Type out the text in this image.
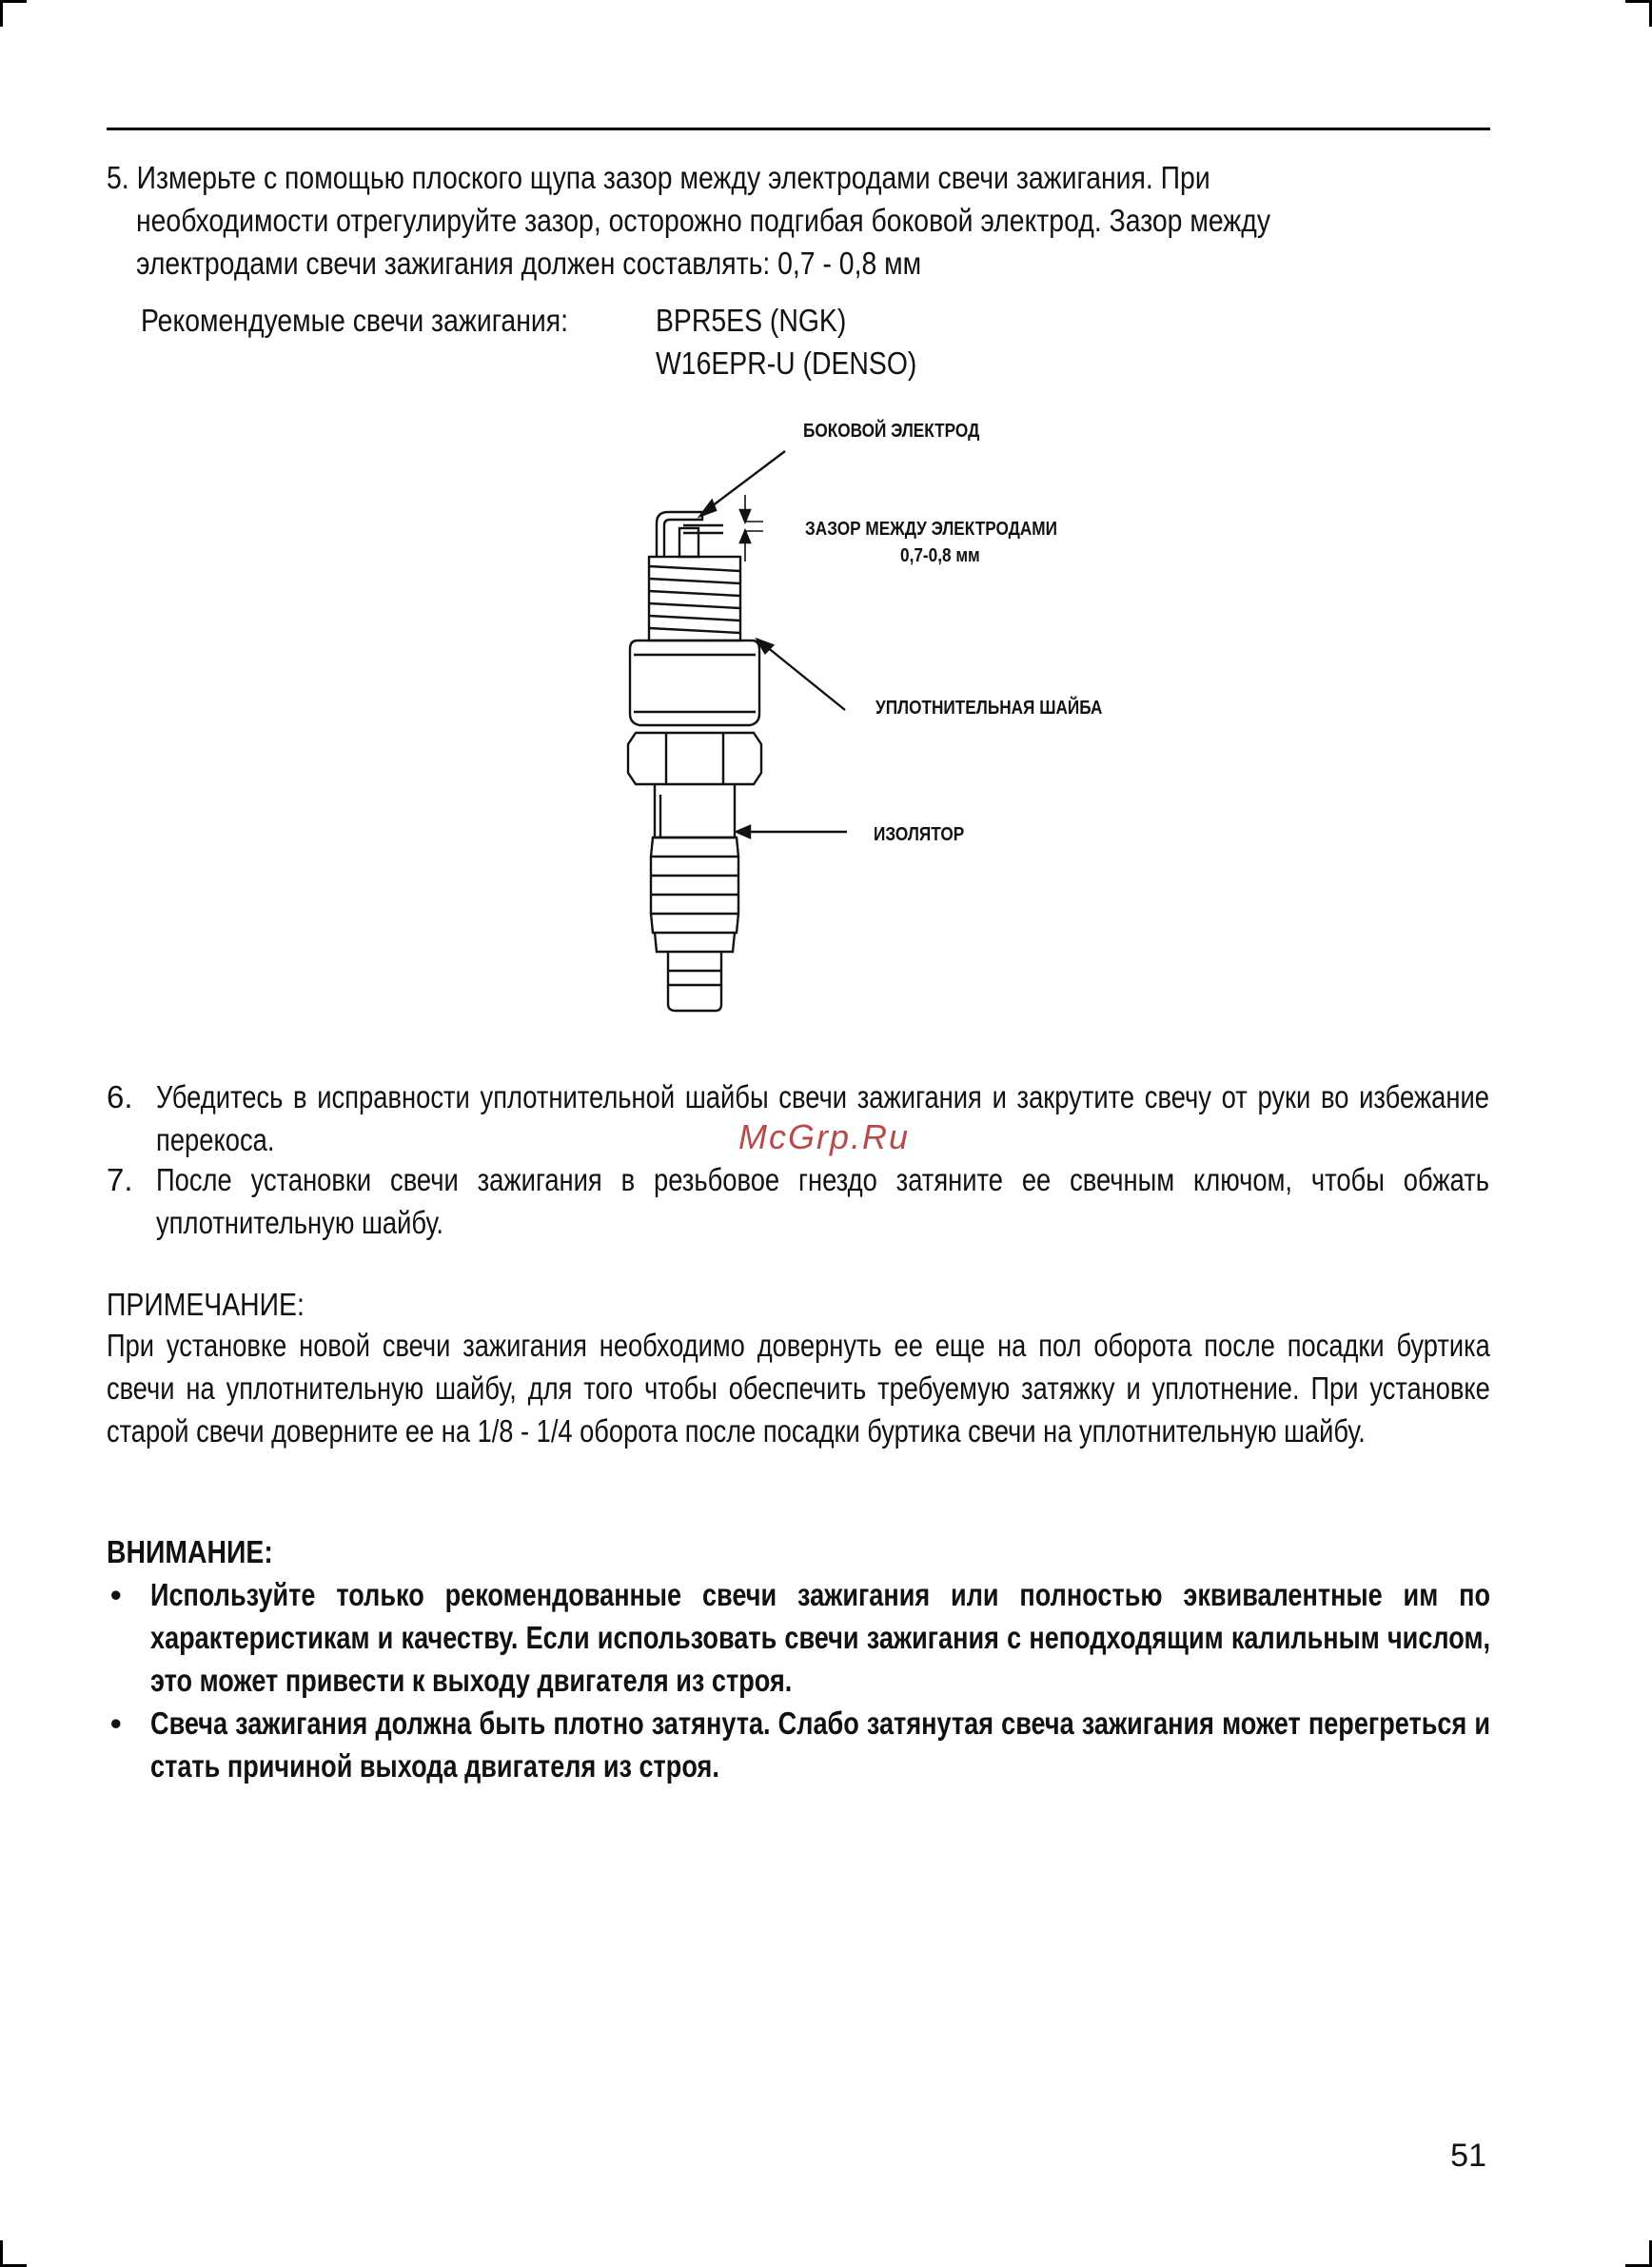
5. Измерьте с помощью плоского щупа зазор между электродами свечи зажигания. При
необходимости отрегулируйте зазор, осторожно подгибая боковой электрод. Зазор между
электродами свечи зажигания должен составлять: 0,7 - 0,8 мм
Рекомендуемые свечи зажигания:	BPR5ES (NGK)
W16EPR-U (DENSO)
БОКОВОЙ ЭЛЕКТРОД
ЗАЗОР МЕЖДУ ЭЛЕКТРОДАМИ
0,7-0,8 мм
УПЛОТНИТЕЛЬНАЯ ШАЙБА
ИЗОЛЯТОР
6. Убедитесь в исправности уплотнительной шайбы свечи зажигания и закрутите свечу от руки во избежание перекоса.	McGrp.Ru
7. После установки свечи зажигания в резьбовое гнездо затяните ее свечным ключом, чтобы обжать уплотнительную шайбу.
ПРИМЕЧАНИЕ:
При установке новой свечи зажигания необходимо довернуть ее еще на пол оборота после посадки буртика свечи на уплотнительную шайбу, для того чтобы обеспечить требуемую затяжку и уплотнение. При установке старой свечи доверните ее на 1/8 - 1/4 оборота после посадки буртика свечи на уплотнительную шайбу.
ВНИМАНИЕ:
• Используйте только рекомендованные свечи зажигания или полностью эквивалентные им по характеристикам и качеству. Если использовать свечи зажигания с неподходящим калильным числом, это может привести к выходу двигателя из строя.
• Свеча зажигания должна быть плотно затянута. Слабо затянутая свеча зажигания может перегреться и стать причиной выхода двигателя из строя.
51
